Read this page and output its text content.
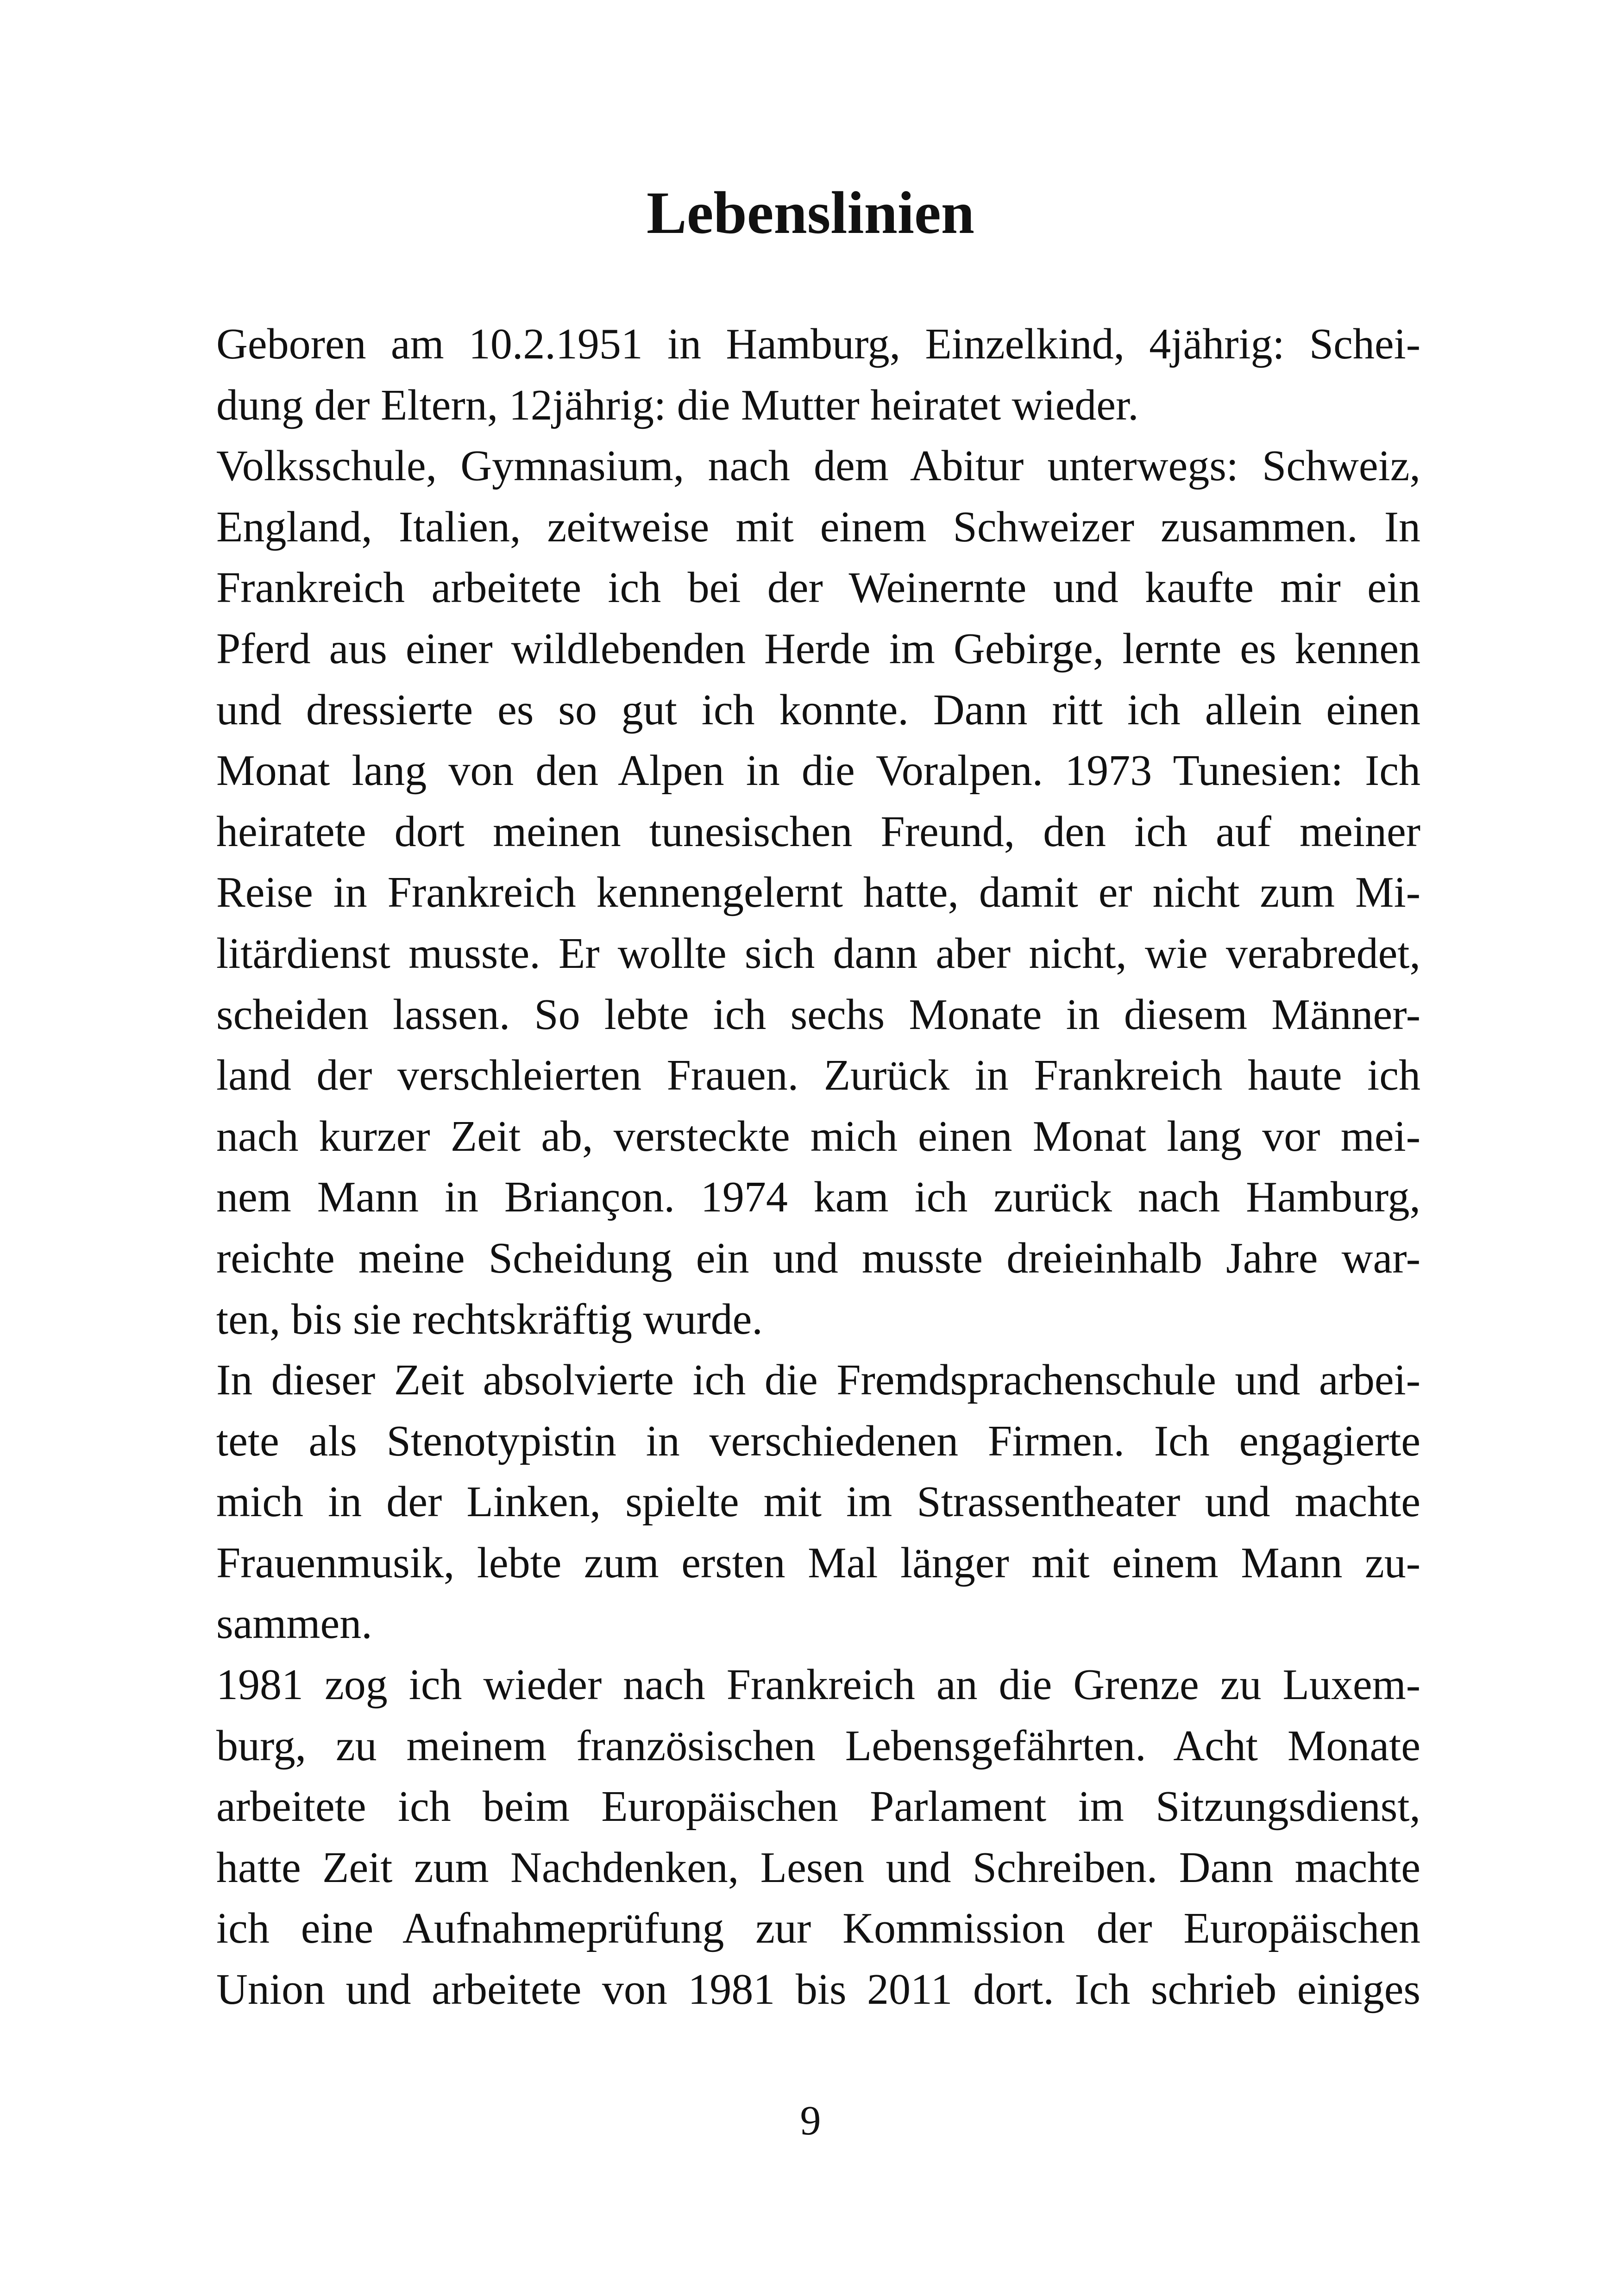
Lebenslinien
Geboren am 10.2.1951 in Hamburg, Einzelkind, 4jährig: Schei-
dung der Eltern, 12jährig: die Mutter heiratet wieder.
Volksschule, Gymnasium, nach dem Abitur unterwegs: Schweiz,
England, Italien, zeitweise mit einem Schweizer zusammen. In
Frankreich arbeitete ich bei der Weinernte und kaufte mir ein
Pferd aus einer wildlebenden Herde im Gebirge, lernte es kennen
und dressierte es so gut ich konnte. Dann ritt ich allein einen
Monat lang von den Alpen in die Voralpen. 1973 Tunesien: Ich
heiratete dort meinen tunesischen Freund, den ich auf meiner
Reise in Frankreich kennengelernt hatte, damit er nicht zum Mi-
litärdienst musste. Er wollte sich dann aber nicht, wie verabredet,
scheiden lassen. So lebte ich sechs Monate in diesem Männer-
land der verschleierten Frauen. Zurück in Frankreich haute ich
nach kurzer Zeit ab, versteckte mich einen Monat lang vor mei-
nem Mann in Briançon. 1974 kam ich zurück nach Hamburg,
reichte meine Scheidung ein und musste dreieinhalb Jahre war-
ten, bis sie rechtskräftig wurde.
In dieser Zeit absolvierte ich die Fremdsprachenschule und arbei-
tete als Stenotypistin in verschiedenen Firmen. Ich engagierte
mich in der Linken, spielte mit im Strassentheater und machte
Frauenmusik, lebte zum ersten Mal länger mit einem Mann zu-
sammen.
1981 zog ich wieder nach Frankreich an die Grenze zu Luxem-
burg, zu meinem französischen Lebensgefährten. Acht Monate
arbeitete ich beim Europäischen Parlament im Sitzungsdienst,
hatte Zeit zum Nachdenken, Lesen und Schreiben. Dann machte
ich eine Aufnahmeprüfung zur Kommission der Europäischen
Union und arbeitete von 1981 bis 2011 dort. Ich schrieb einiges
9
